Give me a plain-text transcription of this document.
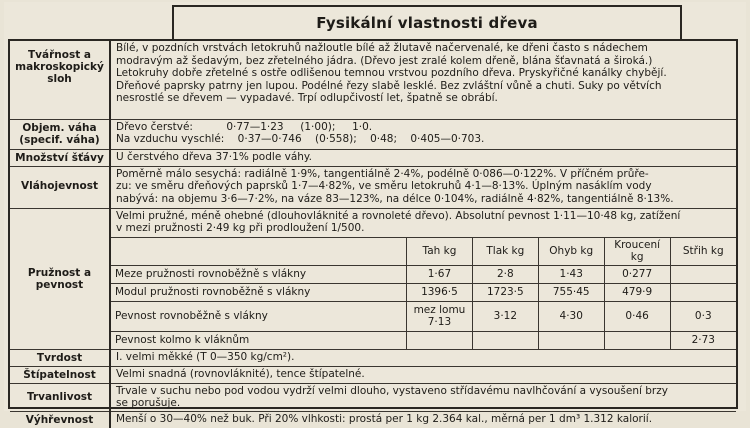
Fysikální vlastnosti dřeva
Tvářnost a makroskopický sloh	
Bílé, v pozdních vrstvách letokruhů nažloutle bílé až žlutavě načervenalé, ke dřeni často s nádechem
modravým až šedavým, bez zřetelného jádra. (Dřevo jest zralé kolem dřeně, blána šťavnatá a široká.)
Letokruhy dobře zřetelné s ostře odlišenou temnou vrstvou pozdního dřeva. Pryskyřičné kanálky chybějí.
Dřeňové paprsky patrny jen lupou. Podélné řezy slabě lesklé. Bez zvláštní vůně a chuti. Suky po větvích
nesrostlé se dřevem — vypadavé. Trpí odlupčivostí let, špatně se obrábí.

Objem. váha (specif. váha)	
Dřevo čerstvé:          0·77—1·23     (1·00);     1·0.
Na vzduchu vyschlé:    0·37—0·746    (0·558);    0·48;    0·405—0·703.

Množství šťávy	U čerstvého dřeva 37·1% podle váhy.

Vláhojevnost	
Poměrně málo sesychá: radiálně 1·9%, tangentiálně 2·4%, podélně 0·086—0·122%. V příčném průře-
zu: ve směru dřeňových paprsků 1·7—4·82%, ve směru letokruhů 4·1—8·13%. Úplným nasáklím vody
nabývá: na objemu 3·6—7·2%, na váze 83—123%, na délce 0·104%, radiálně 4·82%, tangentiálně 8·13%.

Pružnost a pevnost	
Velmi pružné, méně ohebné (dlouhovláknité a rovnoleté dřevo). Absolutní pevnost 1·11—10·48 kg, zatížení
v mezi pružnosti 2·49 kg při prodloužení 1/500.
	Tah kg	Tlak kg	Ohyb kg	Kroucení kg	Střih kg
Meze pružnosti rovnoběžně s vlákny	1·67	2·8	1·43	0·277	
Modul pružnosti rovnoběžně s vlákny	1396·5	1723·5	755·45	479·9	
Pevnost rovnoběžně s vlákny	mez lomu 7·13	3·12	4·30	0·46	0·3
Pevnost kolmo k vláknům					2·73

Tvrdost	I. velmi měkké (T 0—350 kg/cm²).

Štípatelnost	Velmi snadná (rovnovláknité), tence štípatelné.

Trvanlivost	
Trvale v suchu nebo pod vodou vydrží velmi dlouho, vystaveno střídavému navlhčování a vysoušení brzy
se porušuje.

Výhřevnost	Menší o 30—40% než buk. Při 20% vlhkosti: prostá per 1 kg 2.364 kal., měrná per 1 dm³ 1.312 kalorií.
